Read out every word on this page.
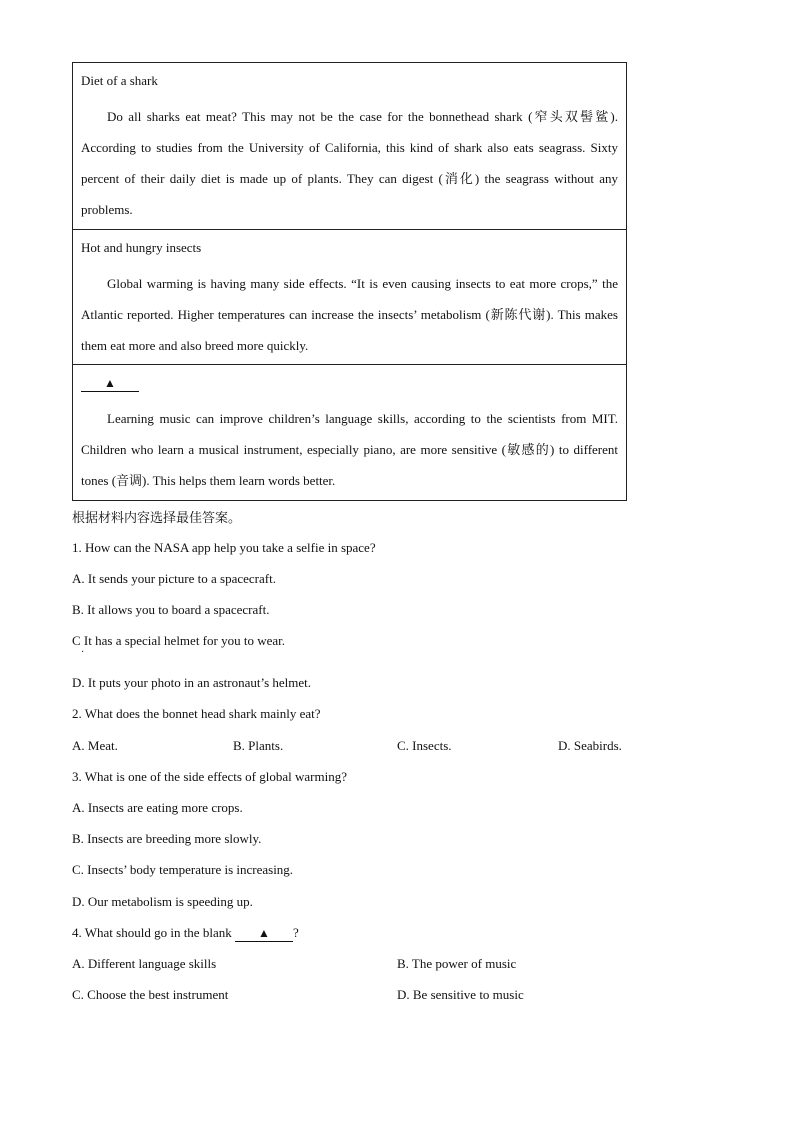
Diet of a shark
Do all sharks eat meat? This may not be the case for the bonnethead shark (窄头双髻鲨). According to studies from the University of California, this kind of shark also eats seagrass. Sixty percent of their daily diet is made up of plants. They can digest (消化) the seagrass without any problems.
Hot and hungry insects
Global warming is having many side effects. “It is even causing insects to eat more crops,” the Atlantic reported. Higher temperatures can increase the insects’ metabolism (新陈代谢). This makes them eat more and also breed more quickly.
▲
Learning music can improve children’s language skills, according to the scientists from MIT. Children who learn a musical instrument, especially piano, are more sensitive (敏感的) to different tones (音调). This helps them learn words better.
根据材料内容选择最佳答案。
1. How can the NASA app help you take a selfie in space?
A. It sends your picture to a spacecraft.
B. It allows you to board a spacecraft.
C It has a special helmet for you to wear.
·
D. It puts your photo in an astronaut’s helmet.
2. What does the bonnet head shark mainly eat?
A. Meat.	B. Plants.	C. Insects.	D. Seabirds.
3. What is one of the side effects of global warming?
A. Insects are eating more crops.
B. Insects are breeding more slowly.
C. Insects’ body temperature is increasing.
D. Our metabolism is speeding up.
4. What should go in the blank ▲ ?
A. Different language skills	B. The power of music
C. Choose the best instrument	D. Be sensitive to music
